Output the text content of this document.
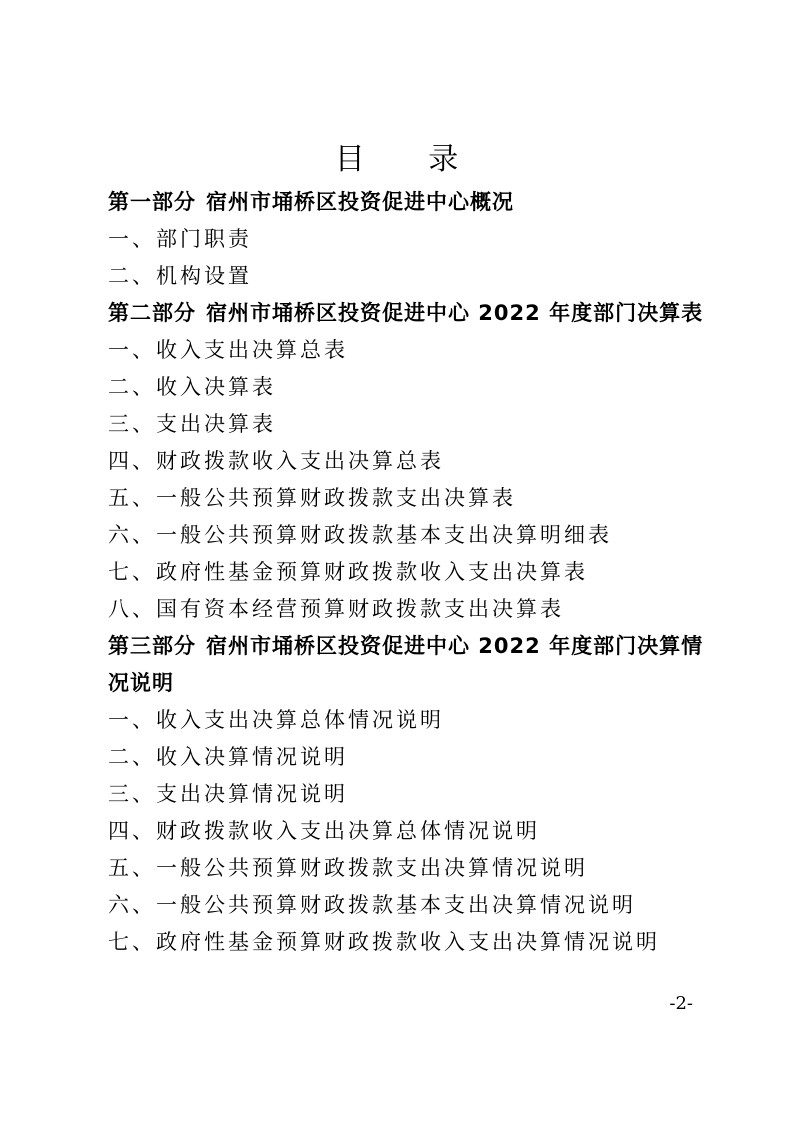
目 录
第一部分 宿州市埇桥区投资促进中心概况
一、部门职责
二、机构设置
第二部分 宿州市埇桥区投资促进中心 2022 年度部门决算表
一、收入支出决算总表
二、收入决算表
三、支出决算表
四、财政拨款收入支出决算总表
五、一般公共预算财政拨款支出决算表
六、一般公共预算财政拨款基本支出决算明细表
七、政府性基金预算财政拨款收入支出决算表
八、国有资本经营预算财政拨款支出决算表
第三部分 宿州市埇桥区投资促进中心 2022 年度部门决算情况说明
一、收入支出决算总体情况说明
二、收入决算情况说明
三、支出决算情况说明
四、财政拨款收入支出决算总体情况说明
五、一般公共预算财政拨款支出决算情况说明
六、一般公共预算财政拨款基本支出决算情况说明
七、政府性基金预算财政拨款收入支出决算情况说明
-2-
